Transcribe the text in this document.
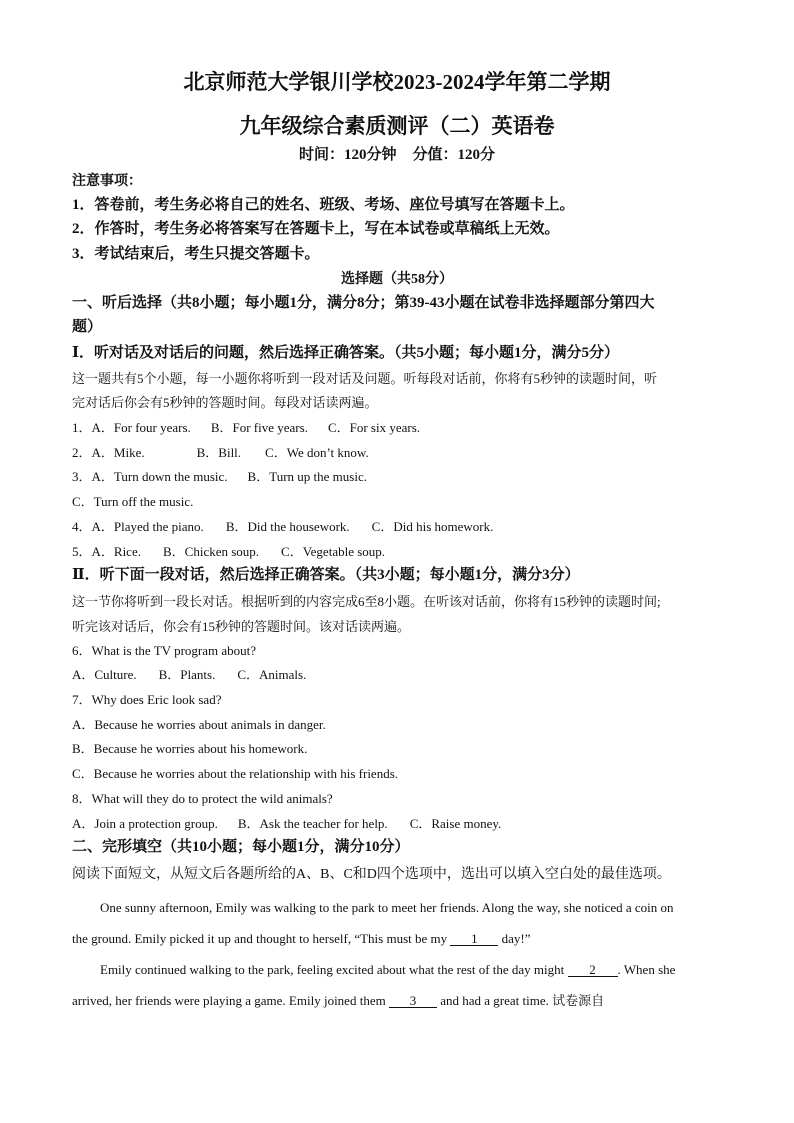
北京师范大学银川学校2023-2024学年第二学期
九年级综合素质测评（二）英语卷
时间：120分钟 分值：120分
注意事项：
1．答卷前，考生务必将自己的姓名、班级、考场、座位号填写在答题卡上。
2．作答时，考生务必将答案写在答题卡上，写在本试卷或草稿纸上无效。
3．考试结束后，考生只提交答题卡。
选择题（共58分）
一、听后选择（共8小题；每小题1分，满分8分；第39-43小题在试卷非选择题部分第四大
题）
Ⅰ．听对话及对话后的问题，然后选择正确答案。（共5小题；每小题1分，满分5分）
这一题共有5个小题，每一小题你将听到一段对话及问题。听每段对话前，你将有5秒钟的读题时间，听
完对话后你会有5秒钟的答题时间。每段对话读两遍。
1．A．For four years. B．For five years. C．For six years.
2．A．Mike.	B．Bill. C．We don’t know.
3．A．Turn down the music. B．Turn up the music.
C．Turn off the music.
4．A．Played the piano. B．Did the housework. C．Did his homework.
5．A．Rice. B．Chicken soup. C．Vegetable soup.
Ⅱ．听下面一段对话，然后选择正确答案。（共3小题；每小题1分，满分3分）
这一节你将听到一段长对话。根据听到的内容完成6至8小题。在听该对话前，你将有15秒钟的读题时间;
听完该对话后，你会有15秒钟的答题时间。该对话读两遍。
6．What is the TV program about?
A．Culture. B．Plants. C．Animals.
7．Why does Eric look sad?
A．Because he worries about animals in danger.
B．Because he worries about his homework.
C．Because he worries about the relationship with his friends.
8．What will they do to protect the wild animals?
A．Join a protection group. B．Ask the teacher for help. C．Raise money.
二、完形填空（共10小题；每小题1分，满分10分）
阅读下面短文，从短文后各题所给的A、B、C和D四个选项中，选出可以填入空白处的最佳选项。
One sunny afternoon, Emily was walking to the park to meet her friends. Along the way, she noticed a coin on
the ground. Emily picked it up and thought to herself, “This must be my 1 day!”
Emily continued walking to the park, feeling excited about what the rest of the day might 2 . When she
arrived, her friends were playing a game. Emily joined them 3 and had a great time. 试卷源自
